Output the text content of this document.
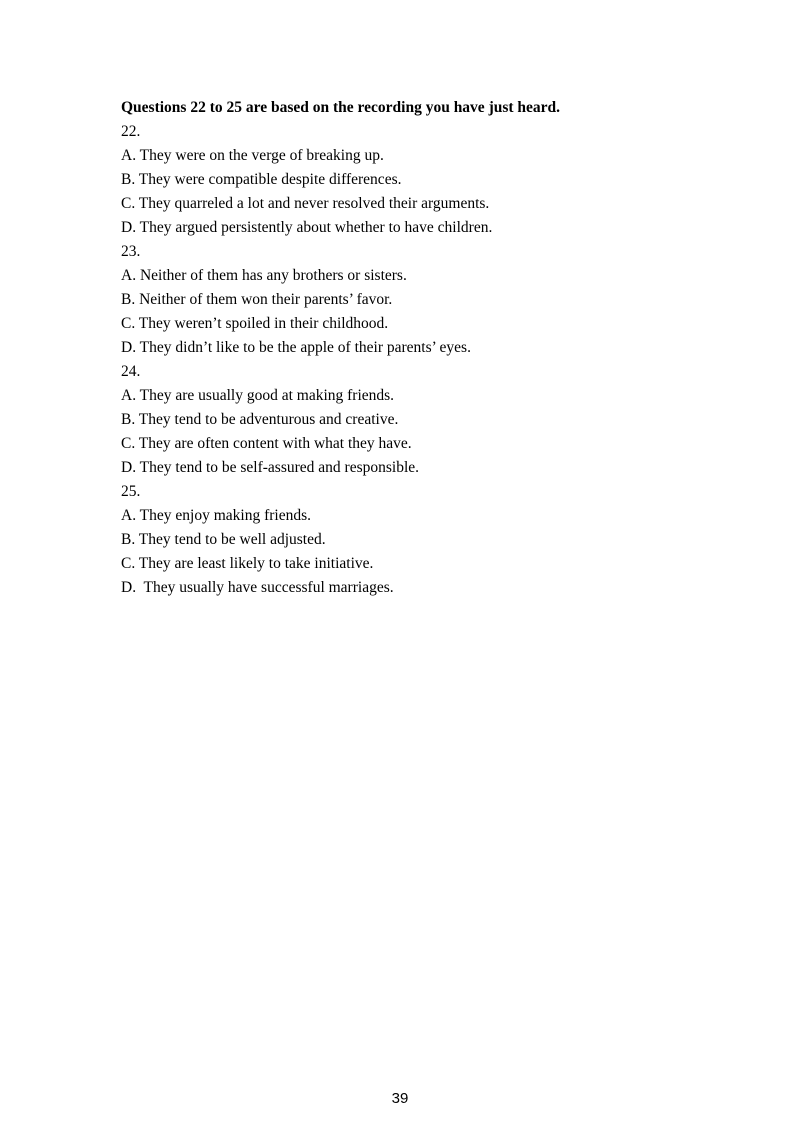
Questions 22 to 25 are based on the recording you have just heard.
22.
A. They were on the verge of breaking up.
B. They were compatible despite differences.
C. They quarreled a lot and never resolved their arguments.
D. They argued persistently about whether to have children.
23.
A. Neither of them has any brothers or sisters.
B. Neither of them won their parents’ favor.
C. They weren’t spoiled in their childhood.
D. They didn’t like to be the apple of their parents’ eyes.
24.
A. They are usually good at making friends.
B. They tend to be adventurous and creative.
C. They are often content with what they have.
D. They tend to be self-assured and responsible.
25.
A. They enjoy making friends.
B. They tend to be well adjusted.
C. They are least likely to take initiative.
D.  They usually have successful marriages.
39
